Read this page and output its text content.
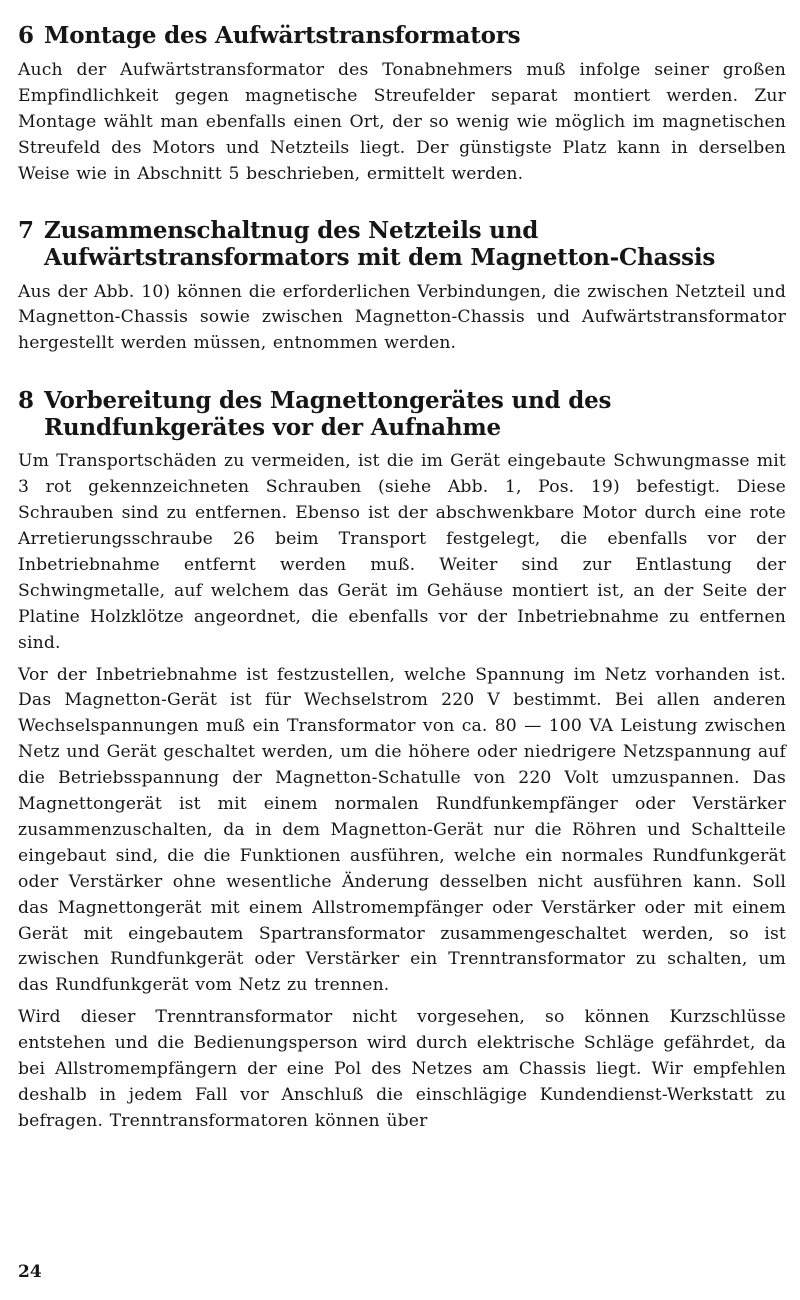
6 Montage des Aufwärtstransformators

Auch der Aufwärtstransformator des Tonabnehmers muß infolge seiner großen Empfindlichkeit gegen magnetische Streufelder separat montiert werden. Zur Montage wählt man ebenfalls einen Ort, der so wenig wie möglich im magnetischen Streufeld des Motors und Netzteils liegt. Der günstigste Platz kann in derselben Weise wie in Abschnitt 5 beschrieben, ermittelt werden.

7 Zusammenschaltnug des Netzteils und Aufwärtstransformators mit dem Magnetton-Chassis

Aus der Abb. 10) können die erforderlichen Verbindungen, die zwischen Netzteil und Magnetton-Chassis sowie zwischen Magnetton-Chassis und Aufwärtstransformator hergestellt werden müssen, entnommen werden.

8 Vorbereitung des Magnettongerätes und des Rundfunkgerätes vor der Aufnahme

Um Transportschäden zu vermeiden, ist die im Gerät eingebaute Schwungmasse mit 3 rot gekennzeichneten Schrauben (siehe Abb. 1, Pos. 19) befestigt. Diese Schrauben sind zu entfernen. Ebenso ist der abschwenkbare Motor durch eine rote Arretierungsschraube 26 beim Transport festgelegt, die ebenfalls vor der Inbetriebnahme entfernt werden muß. Weiter sind zur Entlastung der Schwingmetalle, auf welchem das Gerät im Gehäuse montiert ist, an der Seite der Platine Holzklötze angeordnet, die ebenfalls vor der Inbetriebnahme zu entfernen sind.

Vor der Inbetriebnahme ist festzustellen, welche Spannung im Netz vorhanden ist. Das Magnetton-Gerät ist für Wechselstrom 220 V bestimmt. Bei allen anderen Wechselspannungen muß ein Transformator von ca. 80 — 100 VA Leistung zwischen Netz und Gerät geschaltet werden, um die höhere oder niedrigere Netzspannung auf die Betriebsspannung der Magnetton-Schatulle von 220 Volt umzuspannen. Das Magnettongerät ist mit einem normalen Rundfunkempfänger oder Verstärker zusammenzuschalten, da in dem Magnetton-Gerät nur die Röhren und Schaltteile eingebaut sind, die die Funktionen ausführen, welche ein normales Rundfunkgerät oder Verstärker ohne wesentliche Änderung desselben nicht ausführen kann. Soll das Magnettongerät mit einem Allstromempfänger oder Verstärker oder mit einem Gerät mit eingebautem Spartransformator zusammengeschaltet werden, so ist zwischen Rundfunkgerät oder Verstärker ein Trenntransformator zu schalten, um das Rundfunkgerät vom Netz zu trennen.

Wird dieser Trenntransformator nicht vorgesehen, so können Kurzschlüsse entstehen und die Bedienungsperson wird durch elektrische Schläge gefährdet, da bei Allstromempfängern der eine Pol des Netzes am Chassis liegt. Wir empfehlen deshalb in jedem Fall vor Anschluß die einschlägige Kundendienst-Werkstatt zu befragen. Trenntransformatoren können über

24
